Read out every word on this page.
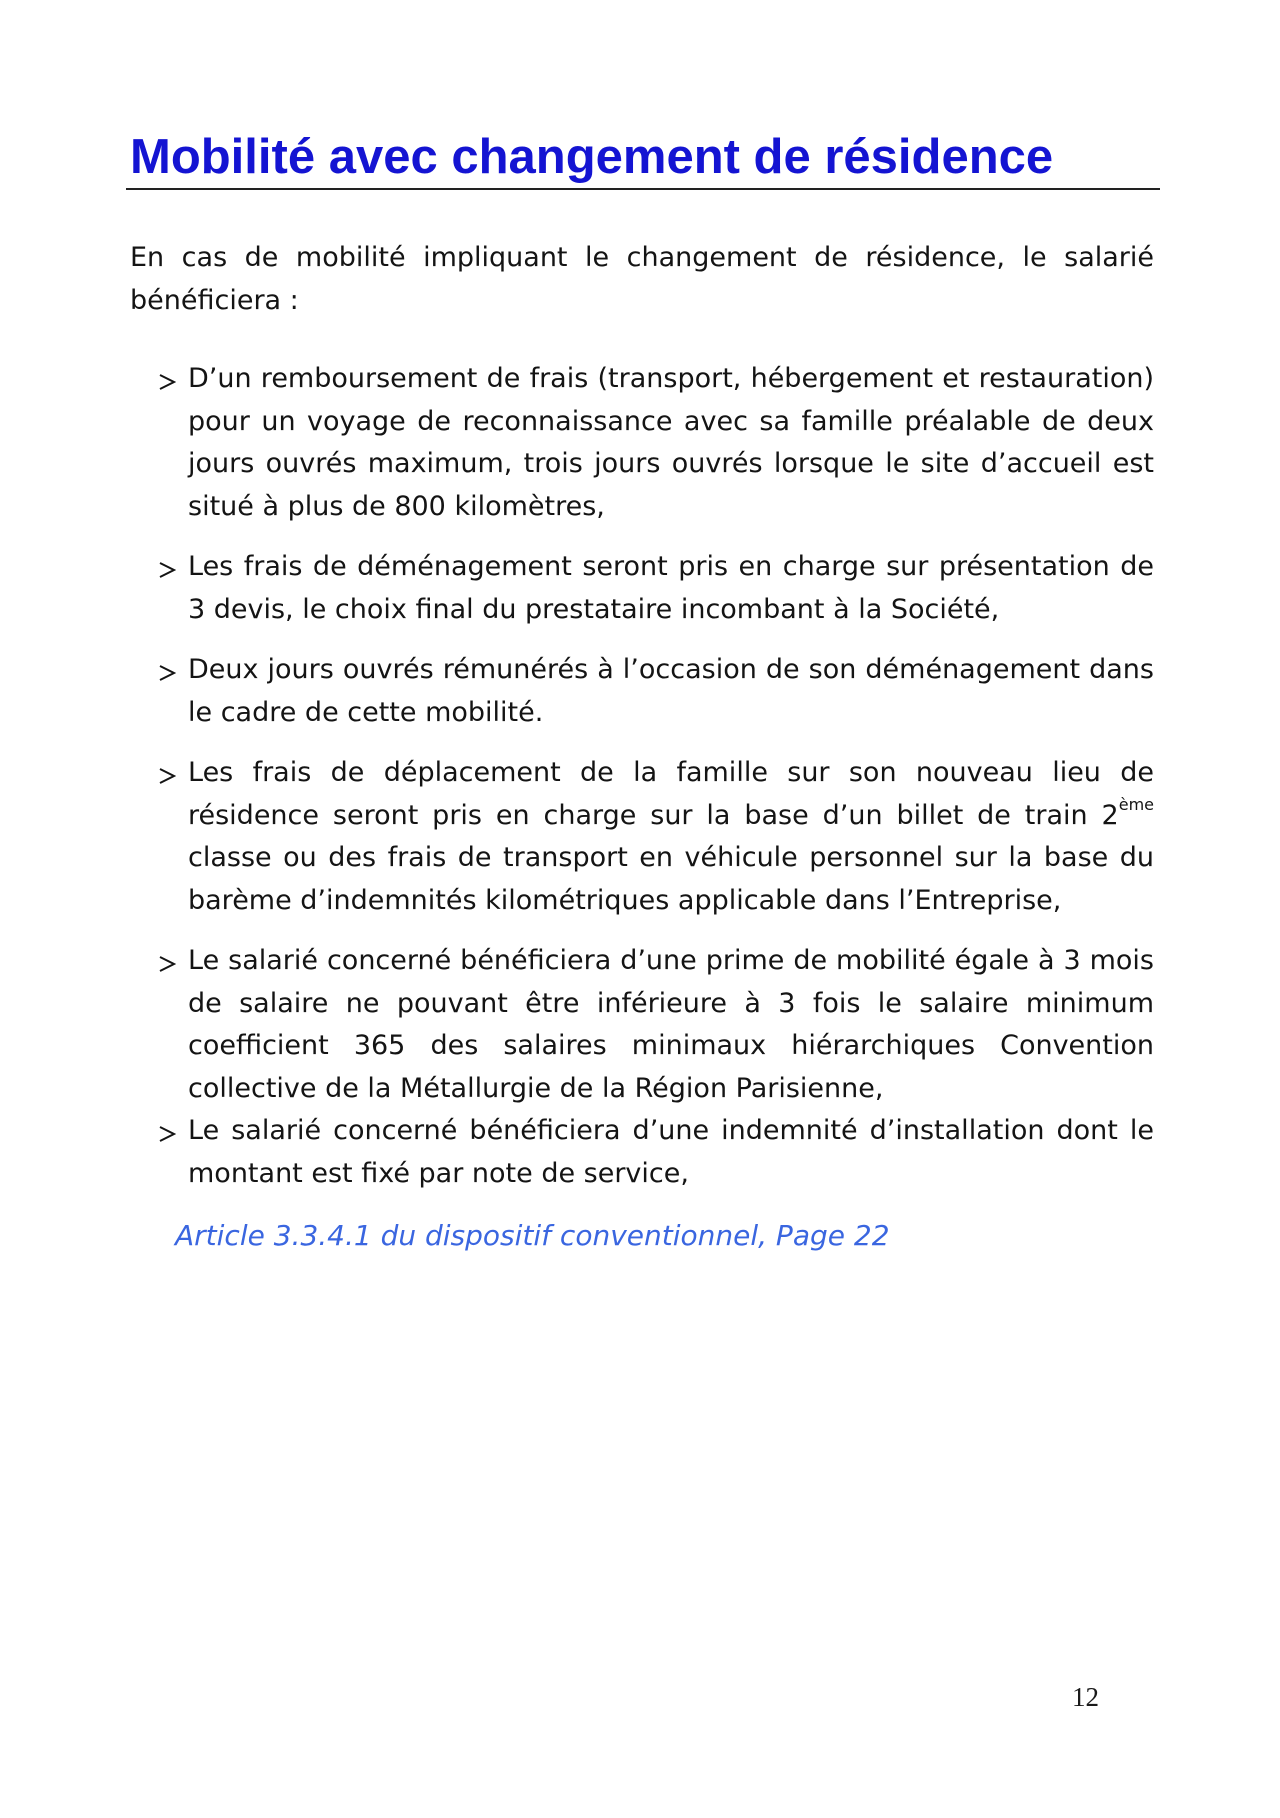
Mobilité avec changement de résidence

En cas de mobilité impliquant le changement de résidence, le salarié bénéficiera :

D’un remboursement de frais (transport, hébergement et restauration) pour un voyage de reconnaissance avec sa famille préalable de deux jours ouvrés maximum, trois jours ouvrés lorsque le site d’accueil est situé à plus de 800 kilomètres,
Les frais de déménagement seront pris en charge sur présentation de 3 devis, le choix final du prestataire incombant à la Société,
Deux jours ouvrés rémunérés à l’occasion de son déménagement dans le cadre de cette mobilité.
Les frais de déplacement de la famille sur son nouveau lieu de résidence seront pris en charge sur la base d’un billet de train 2ème classe ou des frais de transport en véhicule personnel sur la base du barème d’indemnités kilométriques applicable dans l’Entreprise,
Le salarié concerné bénéficiera d’une prime de mobilité égale à 3 mois de salaire ne pouvant être inférieure à 3 fois le salaire minimum coefficient 365 des salaires minimaux hiérarchiques Convention collective de la Métallurgie de la Région Parisienne,
Le salarié concerné bénéficiera d’une indemnité d’installation dont le montant est fixé par note de service,

Article 3.3.4.1 du dispositif conventionnel, Page 22

12
